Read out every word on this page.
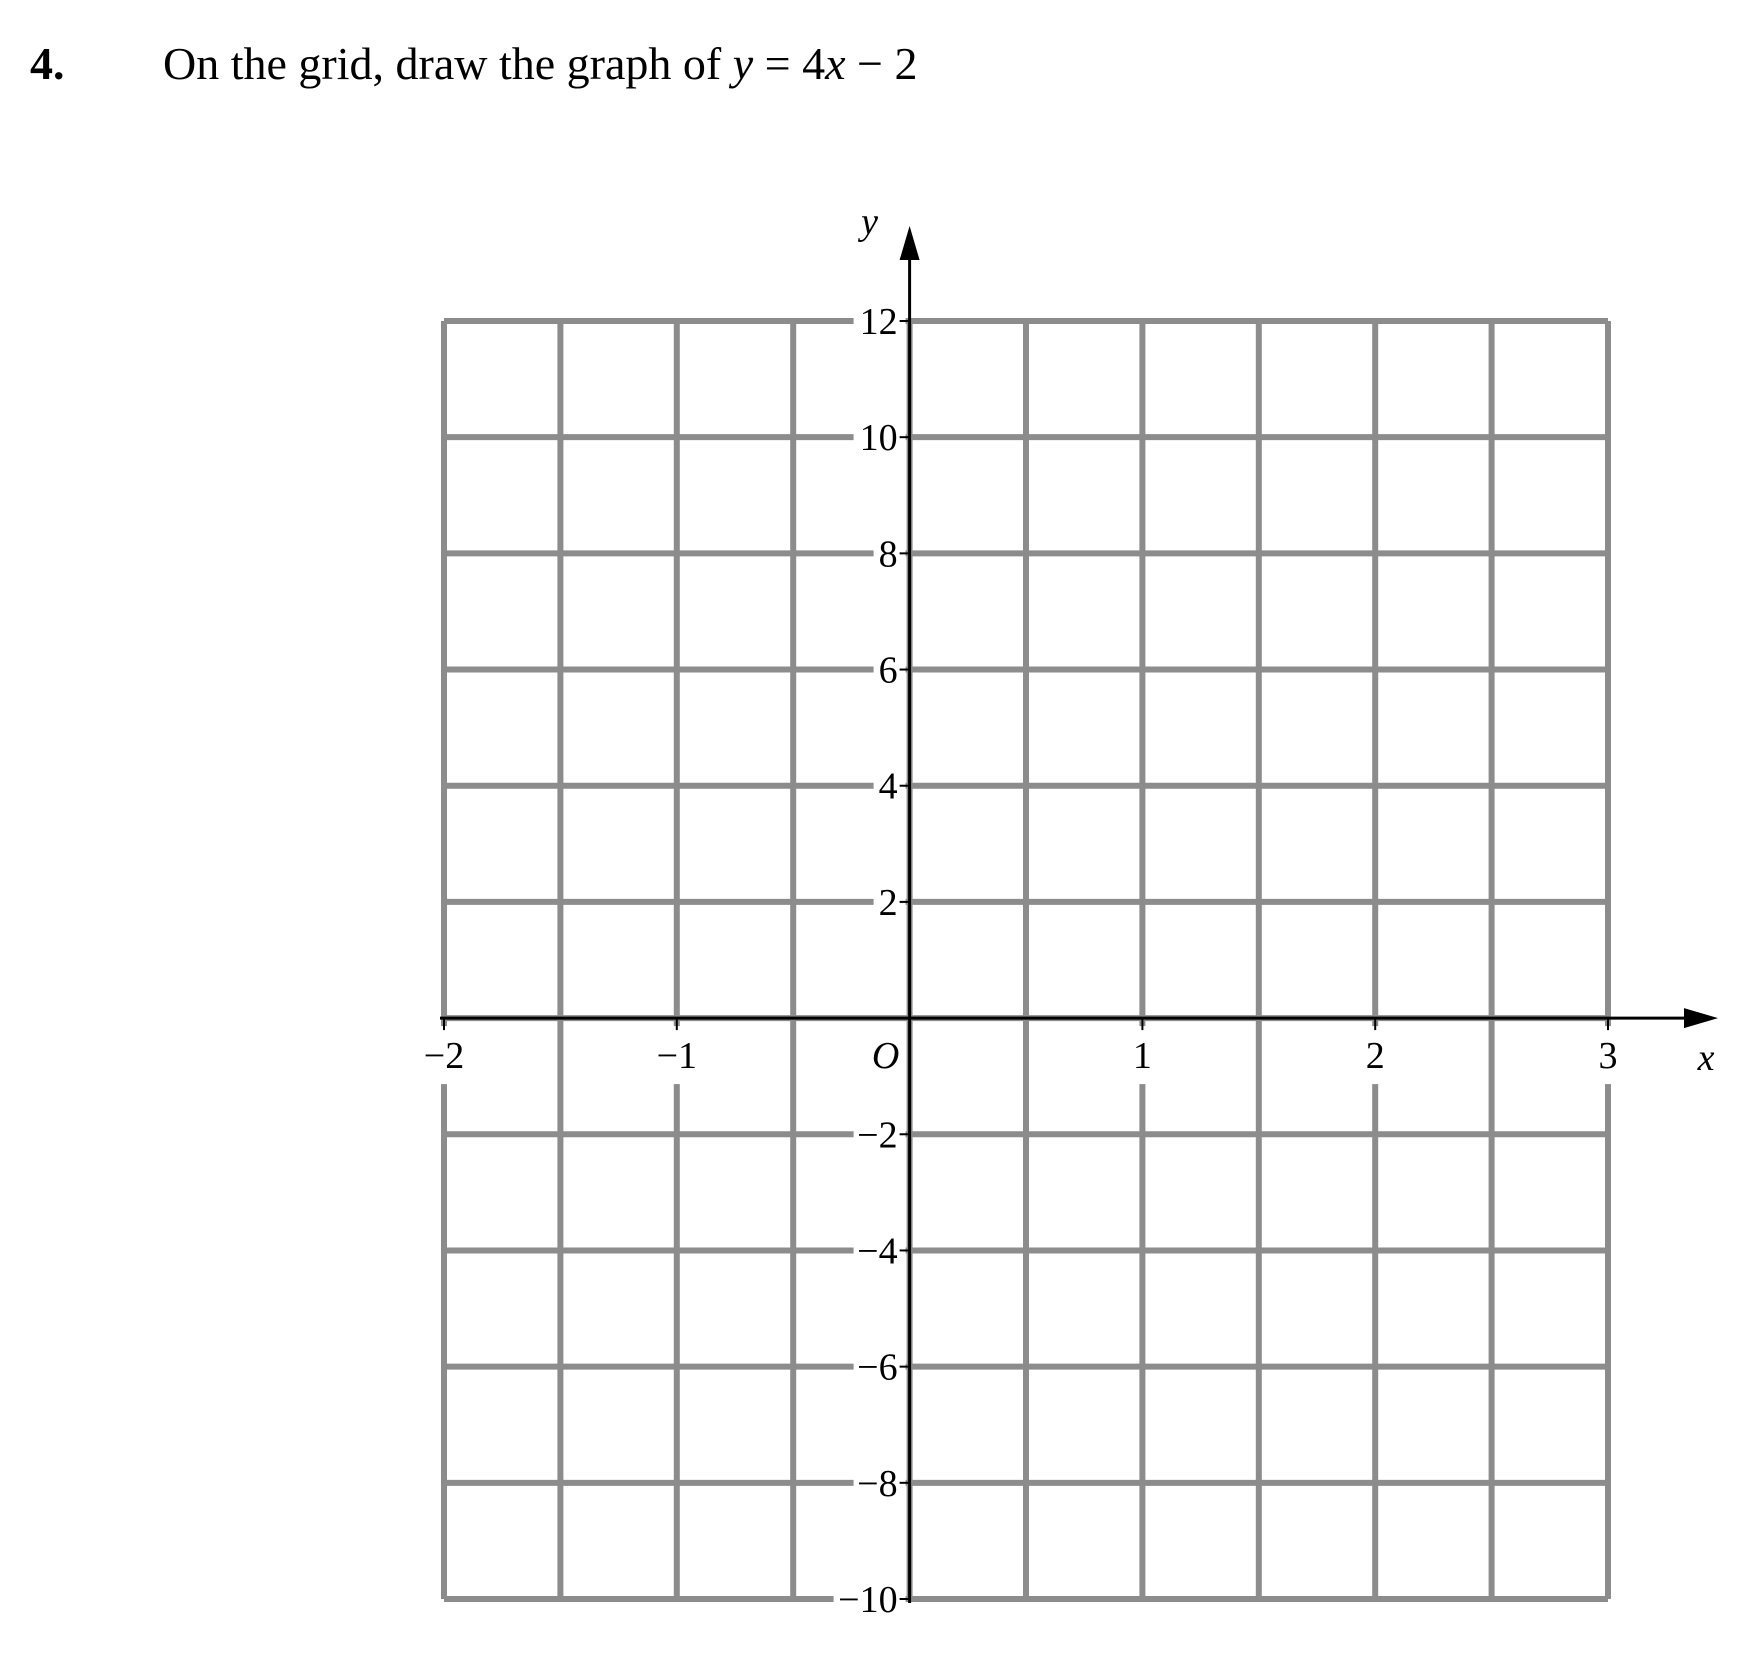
4. On the grid, draw the graph of y = 4x − 2
12
10
8
6
4
2
−2
−4
−6
−8
−10
−2	−1	1	2	3
O	x
y
